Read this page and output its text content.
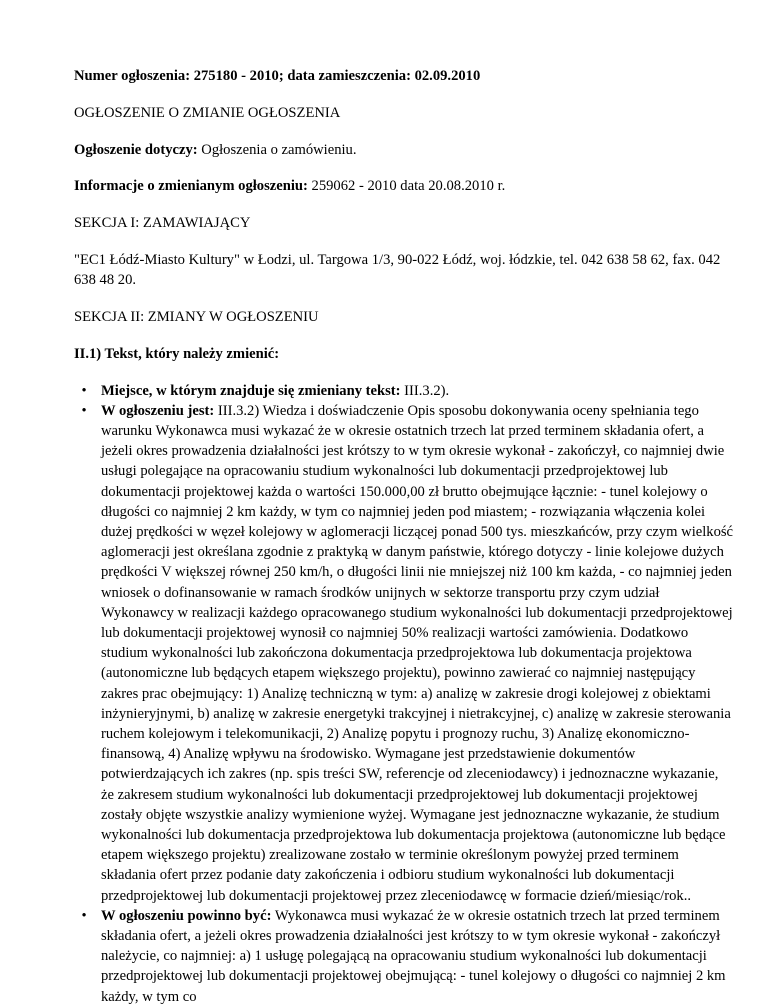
Numer ogłoszenia: 275180 - 2010; data zamieszczenia: 02.09.2010

OGŁOSZENIE O ZMIANIE OGŁOSZENIA

Ogłoszenie dotyczy: Ogłoszenia o zamówieniu.

Informacje o zmienianym ogłoszeniu: 259062 - 2010 data 20.08.2010 r.

SEKCJA I: ZAMAWIAJĄCY

"EC1 Łódź-Miasto Kultury" w Łodzi, ul. Targowa 1/3, 90-022 Łódź, woj. łódzkie, tel. 042 638 58 62, fax. 042 638 48 20.

SEKCJA II: ZMIANY W OGŁOSZENIU

II.1) Tekst, który należy zmienić:

• Miejsce, w którym znajduje się zmieniany tekst: III.3.2).
• W ogłoszeniu jest: III.3.2) Wiedza i doświadczenie Opis sposobu dokonywania oceny spełniania tego warunku Wykonawca musi wykazać że w okresie ostatnich trzech lat przed terminem składania ofert, a jeżeli okres prowadzenia działalności jest krótszy to w tym okresie wykonał - zakończył, co najmniej dwie usługi polegające na opracowaniu studium wykonalności lub dokumentacji przedprojektowej lub dokumentacji projektowej każda o wartości 150.000,00 zł brutto obejmujące łącznie: - tunel kolejowy o długości co najmniej 2 km każdy, w tym co najmniej jeden pod miastem; - rozwiązania włączenia kolei dużej prędkości w węzeł kolejowy w aglomeracji liczącej ponad 500 tys. mieszkańców, przy czym wielkość aglomeracji jest określana zgodnie z praktyką w danym państwie, którego dotyczy - linie kolejowe dużych prędkości V większej równej 250 km/h, o długości linii nie mniejszej niż 100 km każda, - co najmniej jeden wniosek o dofinansowanie w ramach środków unijnych w sektorze transportu przy czym udział Wykonawcy w realizacji każdego opracowanego studium wykonalności lub dokumentacji przedprojektowej lub dokumentacji projektowej wynosił co najmniej 50% realizacji wartości zamówienia. Dodatkowo studium wykonalności lub zakończona dokumentacja przedprojektowa lub dokumentacja projektowa (autonomiczne lub będących etapem większego projektu), powinno zawierać co najmniej następujący zakres prac obejmujący: 1) Analizę techniczną w tym: a) analizę w zakresie drogi kolejowej z obiektami inżynieryjnymi, b) analizę w zakresie energetyki trakcyjnej i nietrakcyjnej, c) analizę w zakresie sterowania ruchem kolejowym i telekomunikacji, 2) Analizę popytu i prognozy ruchu, 3) Analizę ekonomiczno-finansową, 4) Analizę wpływu na środowisko. Wymagane jest przedstawienie dokumentów potwierdzających ich zakres (np. spis treści SW, referencje od zleceniodawcy) i jednoznaczne wykazanie, że zakresem studium wykonalności lub dokumentacji przedprojektowej lub dokumentacji projektowej zostały objęte wszystkie analizy wymienione wyżej. Wymagane jest jednoznaczne wykazanie, że studium wykonalności lub dokumentacja przedprojektowa lub dokumentacja projektowa (autonomiczne lub będące etapem większego projektu) zrealizowane zostało w terminie określonym powyżej przed terminem składania ofert przez podanie daty zakończenia i odbioru studium wykonalności lub dokumentacji przedprojektowej lub dokumentacji projektowej przez zleceniodawcę w formacie dzień/miesiąc/rok..
• W ogłoszeniu powinno być: Wykonawca musi wykazać że w okresie ostatnich trzech lat przed terminem składania ofert, a jeżeli okres prowadzenia działalności jest krótszy to w tym okresie wykonał - zakończył należycie, co najmniej: a) 1 usługę polegającą na opracowaniu studium wykonalności lub dokumentacji przedprojektowej lub dokumentacji projektowej obejmującą: - tunel kolejowy o długości co najmniej 2 km każdy, w tym co
